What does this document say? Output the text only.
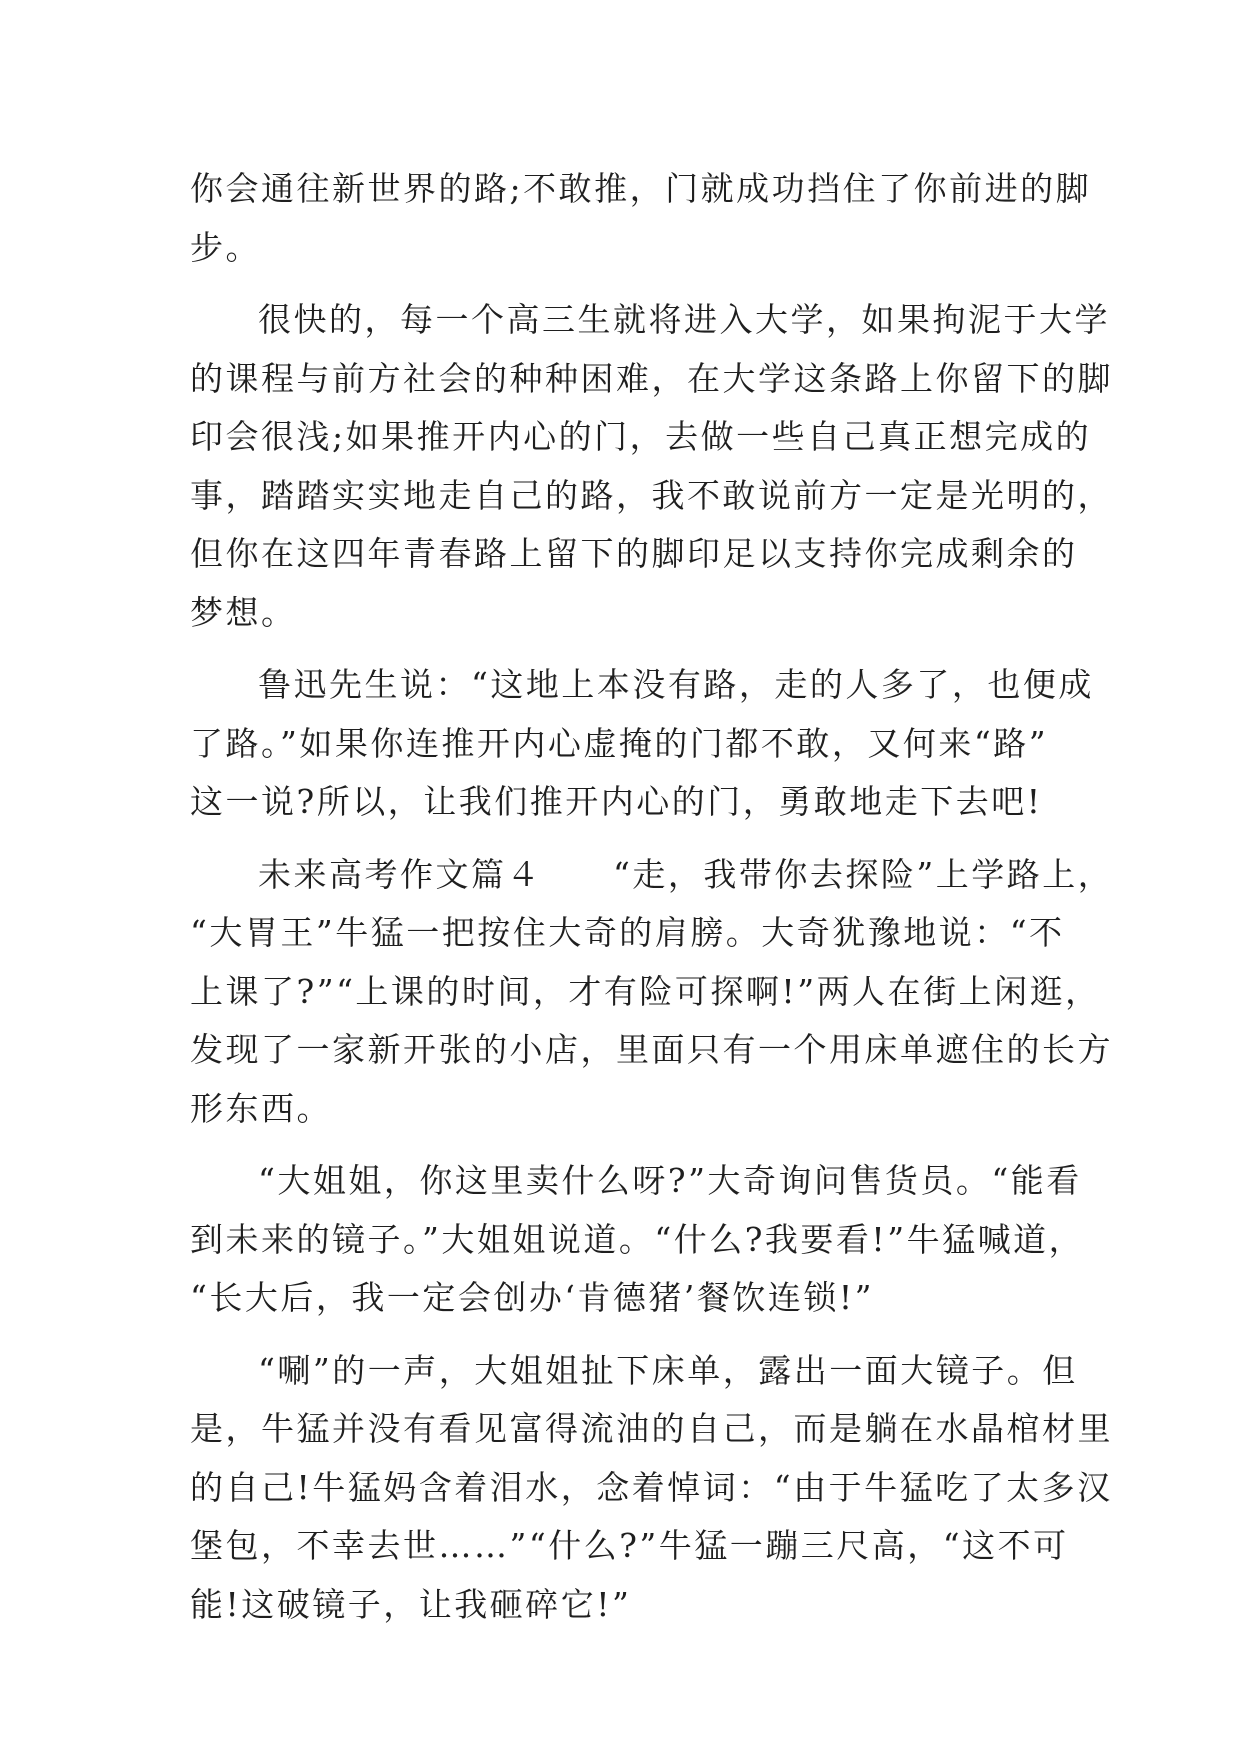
你会通往新世界的路;不敢推，门就成功挡住了你前进的脚
步。
很快的，每一个高三生就将进入大学，如果拘泥于大学
的课程与前方社会的种种困难，在大学这条路上你留下的脚
印会很浅;如果推开内心的门，去做一些自己真正想完成的
事，踏踏实实地走自己的路，我不敢说前方一定是光明的，
但你在这四年青春路上留下的脚印足以支持你完成剩余的
梦想。
鲁迅先生说：“这地上本没有路，走的人多了，也便成
了路。”如果你连推开内心虚掩的门都不敢，又何来“路”
这一说?所以，让我们推开内心的门，勇敢地走下去吧!
未来高考作文篇４　　“走，我带你去探险”上学路上，
“大胃王”牛猛一把按住大奇的肩膀。大奇犹豫地说：“不
上课了?”“上课的时间，才有险可探啊!”两人在街上闲逛，
发现了一家新开张的小店，里面只有一个用床单遮住的长方
形东西。
“大姐姐，你这里卖什么呀?”大奇询问售货员。“能看
到未来的镜子。”大姐姐说道。“什么?我要看!”牛猛喊道，
“长大后，我一定会创办‘肯德猪’餐饮连锁!”
“唰”的一声，大姐姐扯下床单，露出一面大镜子。但
是，牛猛并没有看见富得流油的自己，而是躺在水晶棺材里
的自己!牛猛妈含着泪水，念着悼词：“由于牛猛吃了太多汉
堡包，不幸去世……”“什么?”牛猛一蹦三尺高，“这不可
能!这破镜子，让我砸碎它!”
